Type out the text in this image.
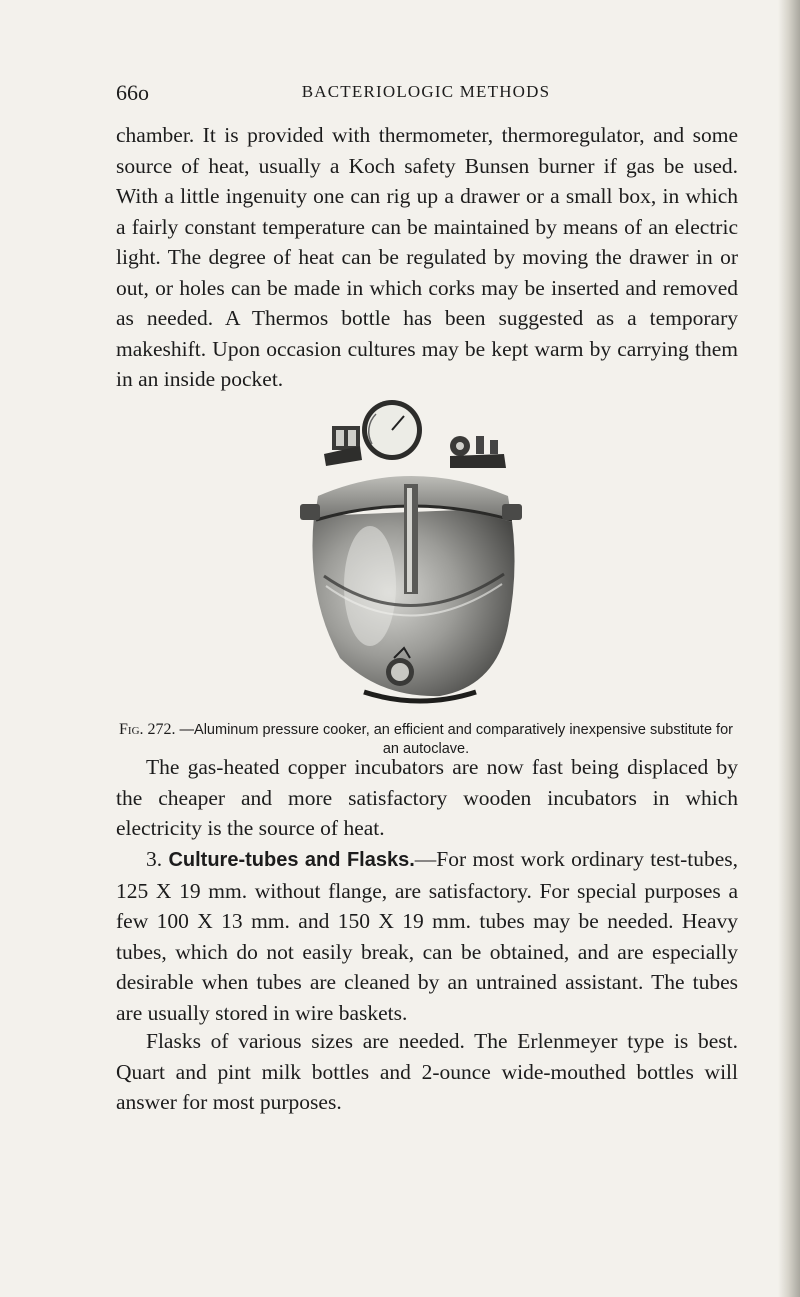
66o	BACTERIOLOGIC METHODS

chamber. It is provided with thermometer, thermoregulator, and some source of heat, usually a Koch safety Bunsen burner if gas be used. With a little ingenuity one can rig up a drawer or a small box, in which a fairly constant temperature can be maintained by means of an electric light. The degree of heat can be regulated by moving the drawer in or out, or holes can be made in which corks may be inserted and removed as needed. A Thermos bottle has been suggested as a temporary makeshift. Upon occasion cultures may be kept warm by carrying them in an inside pocket.

Fig. 272. —Aluminum pressure cooker, an efficient and comparatively inexpensive substitute for an autoclave.

The gas-heated copper incubators are now fast being displaced by the cheaper and more satisfactory wooden incubators in which electricity is the source of heat.

3. Culture-tubes and Flasks.—For most work ordinary test-tubes, 125 X 19 mm. without flange, are satisfactory. For special purposes a few 100 X 13 mm. and 150 X 19 mm. tubes may be needed. Heavy tubes, which do not easily break, can be obtained, and are especially desirable when tubes are cleaned by an untrained assistant. The tubes are usually stored in wire baskets.

Flasks of various sizes are needed. The Erlenmeyer type is best. Quart and pint milk bottles and 2-ounce wide-mouthed bottles will answer for most purposes.
